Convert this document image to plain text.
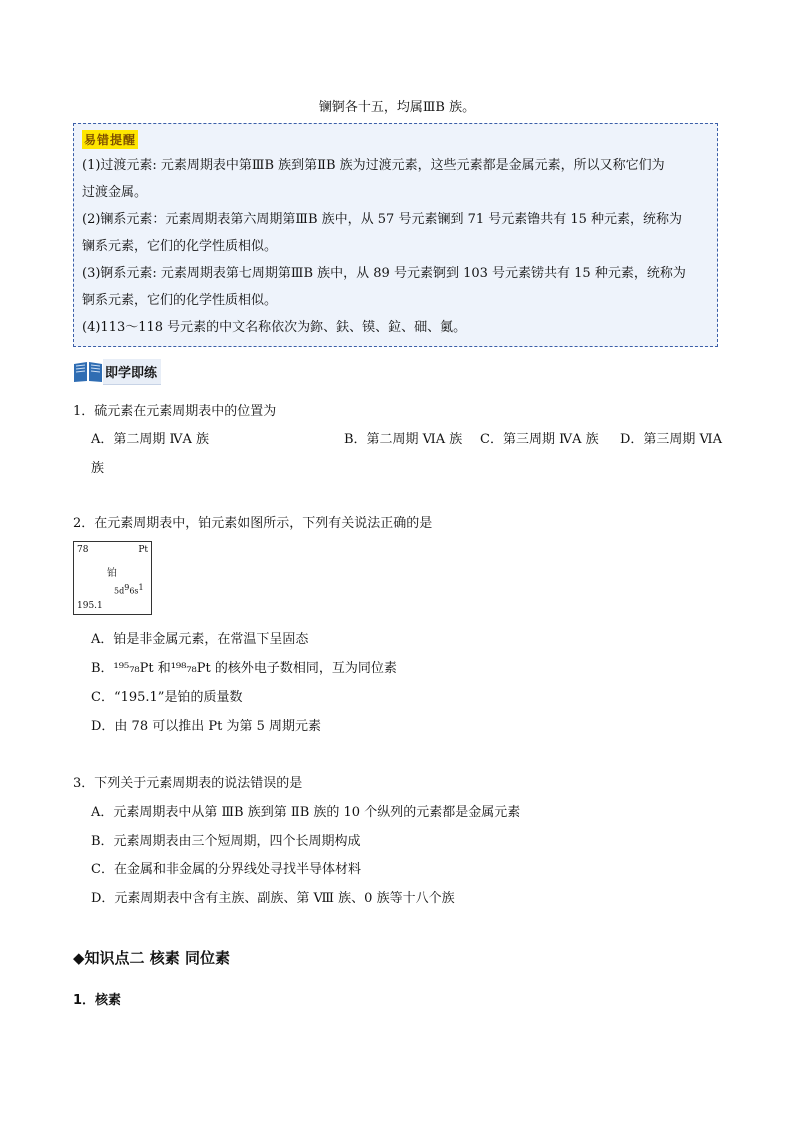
镧锕各十五，均属ⅢB 族。
易错提醒
(1)过渡元素: 元素周期表中第ⅢB 族到第ⅡB 族为过渡元素，这些元素都是金属元素，所以又称它们为
过渡金属。
(2)镧系元素：元素周期表第六周期第ⅢB 族中，从 57 号元素镧到 71 号元素镥共有 15 种元素，统称为
镧系元素，它们的化学性质相似。
(3)锕系元素: 元素周期表第七周期第ⅢB 族中，从 89 号元素锕到 103 号元素铹共有 15 种元素，统称为
锕系元素，它们的化学性质相似。
(4)113～118 号元素的中文名称依次为鉨、鈇、镆、鉝、鿬、鿫。
即学即练
1．硫元素在元素周期表中的位置为
A．第二周期 ⅣA 族	B．第二周期 ⅥA 族 C．第三周期 ⅣA 族 D．第三周期 ⅥA
族
2．在元素周期表中，铂元素如图所示，下列有关说法正确的是
78	Pt
铂
$5d^96s^1$
195.1
A．铂是非金属元素，在常温下呈固态
B．¹⁹⁵₇₈Pt 和¹⁹⁸₇₈Pt 的核外电子数相同，互为同位素
C．“195.1”是铂的质量数
D．由 78 可以推出 Pt 为第 5 周期元素
3．下列关于元素周期表的说法错误的是
A．元素周期表中从第 ⅢB 族到第 ⅡB 族的 10 个纵列的元素都是金属元素
B．元素周期表由三个短周期，四个长周期构成
C．在金属和非金属的分界线处寻找半导体材料
D．元素周期表中含有主族、副族、第 Ⅷ 族、0 族等十八个族
◆知识点二 核素 同位素
1．核素
